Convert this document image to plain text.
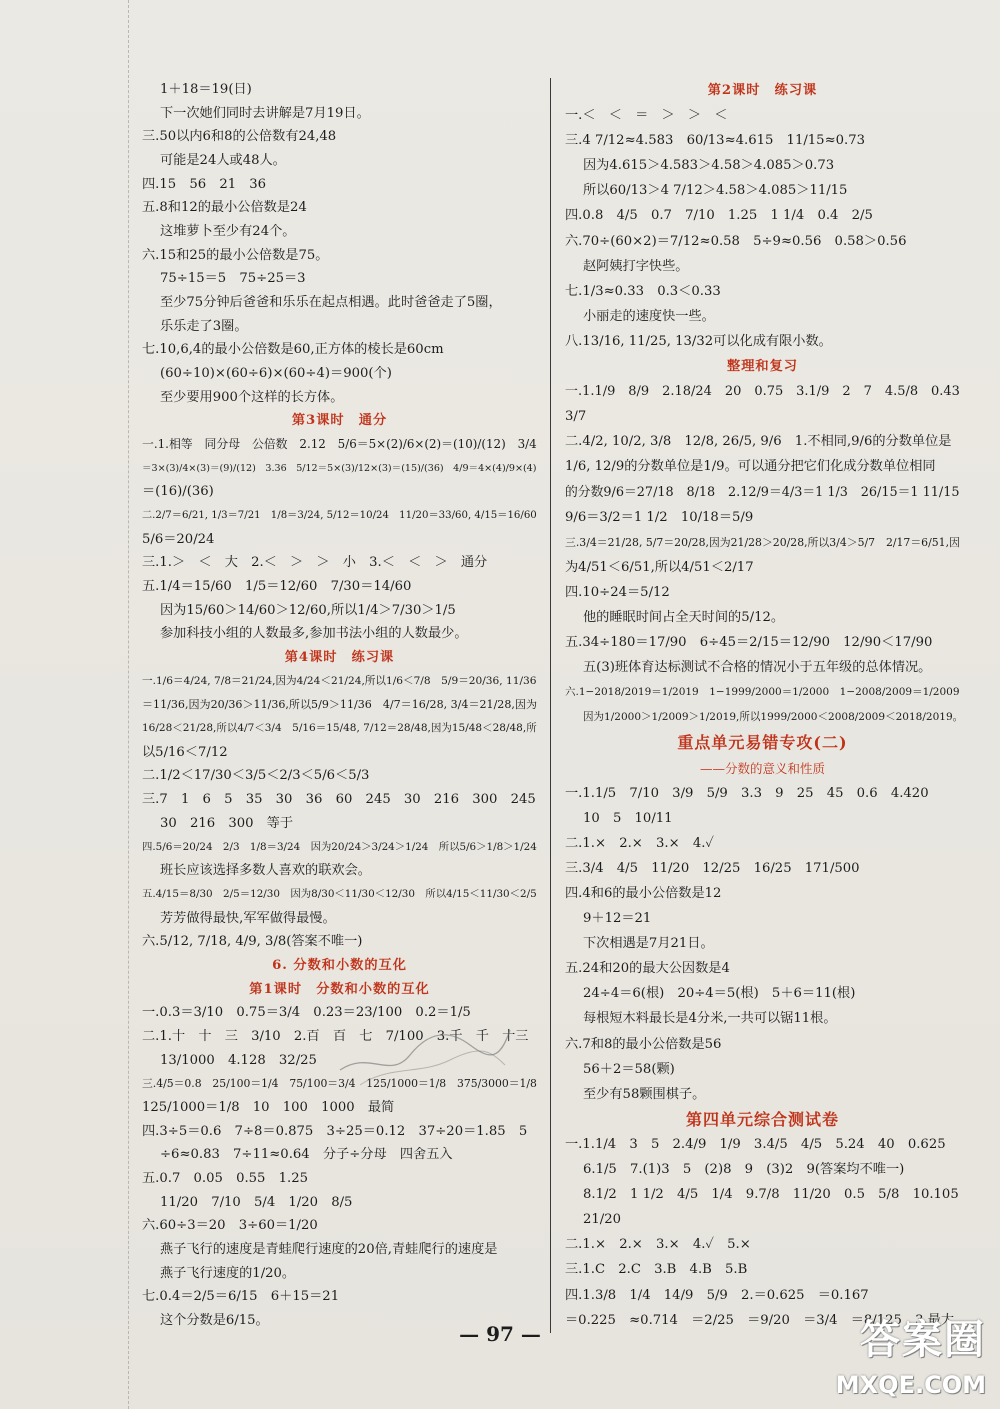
1＋18＝19(日)
下一次她们同时去讲解是7月19日。
三.50以内6和8的公倍数有24,48
可能是24人或48人。
四.15　56　21　36
五.8和12的最小公倍数是24
这堆萝卜至少有24个。
六.15和25的最小公倍数是75。
75÷15＝5　75÷25＝3
至少75分钟后爸爸和乐乐在起点相遇。此时爸爸走了5圈，
乐乐走了3圈。
七.10,6,4的最小公倍数是60,正方体的棱长是60cm
(60÷10)×(60÷6)×(60÷4)＝900(个)
至少要用900个这样的长方体。
第3课时　通分
一.1.相等　同分母　公倍数　2.12　5/6＝5×(2)/6×(2)＝(10)/(12)　3/4
＝3×(3)/4×(3)＝(9)/(12)　3.36　5/12＝5×(3)/12×(3)＝(15)/(36)　4/9＝4×(4)/9×(4)
＝(16)/(36)
二.2/7＝6/21, 1/3＝7/21　1/8＝3/24, 5/12＝10/24　11/20＝33/60, 4/15＝16/60
5/6＝20/24
三.1.＞　＜　大　2.＜　＞　＞　小　3.＜　＜　＞　通分
五.1/4＝15/60　1/5＝12/60　7/30＝14/60
因为15/60＞14/60＞12/60,所以1/4＞7/30＞1/5
参加科技小组的人数最多,参加书法小组的人数最少。
第4课时　练习课
一.1/6＝4/24, 7/8＝21/24,因为4/24＜21/24,所以1/6＜7/8　5/9＝20/36, 11/36
＝11/36,因为20/36＞11/36,所以5/9＞11/36　4/7＝16/28, 3/4＝21/28,因为
16/28＜21/28,所以4/7＜3/4　5/16＝15/48, 7/12＝28/48,因为15/48＜28/48,所
以5/16＜7/12
二.1/2＜17/30＜3/5＜2/3＜5/6＜5/3
三.7　1　6　5　35　30　36　60　245　30　216　300　245
30　216　300　等于
四.5/6＝20/24　2/3　1/8＝3/24　因为20/24＞3/24＞1/24　所以5/6＞1/8＞1/24
班长应该选择多数人喜欢的联欢会。
五.4/15＝8/30　2/5＝12/30　因为8/30＜11/30＜12/30　所以4/15＜11/30＜2/5
芳芳做得最快,军军做得最慢。
六.5/12, 7/18, 4/9, 3/8(答案不唯一)
6. 分数和小数的互化
第1课时　分数和小数的互化
一.0.3＝3/10　0.75＝3/4　0.23＝23/100　0.2＝1/5
二.1.十　十　三　3/10　2.百　百　七　7/100　3.千　千　十三
13/1000　4.128　32/25
三.4/5＝0.8　25/100＝1/4　75/100＝3/4　125/1000＝1/8　375/3000＝1/8
125/1000＝1/8　10　100　1000　最简
四.3÷5＝0.6　7÷8＝0.875　3÷25＝0.12　37÷20＝1.85　5
÷6≈0.83　7÷11≈0.64　分子÷分母　四舍五入
五.0.7　0.05　0.55　1.25
11/20　7/10　5/4　1/20　8/5
六.60÷3＝20　3÷60＝1/20
燕子飞行的速度是青蛙爬行速度的20倍,青蛙爬行的速度是
燕子飞行速度的1/20。
七.0.4＝2/5＝6/15　6＋15＝21
这个分数是6/15。
第2课时　练习课
一.＜　＜　＝　＞　＞　＜
三.4 7/12≈4.583　60/13≈4.615　11/15≈0.73
因为4.615＞4.583＞4.58＞4.085＞0.73
所以60/13＞4 7/12＞4.58＞4.085＞11/15
四.0.8　4/5　0.7　7/10　1.25　1 1/4　0.4　2/5
六.70÷(60×2)＝7/12≈0.58　5÷9≈0.56　0.58＞0.56
赵阿姨打字快些。
七.1/3≈0.33　0.3＜0.33
小丽走的速度快一些。
八.13/16, 11/25, 13/32可以化成有限小数。
整理和复习
一.1.1/9　8/9　2.18/24　20　0.75　3.1/9　2　7　4.5/8　0.43
3/7
二.4/2, 10/2, 3/8　12/8, 26/5, 9/6　1.不相同,9/6的分数单位是
1/6, 12/9的分数单位是1/9。可以通分把它们化成分数单位相同
的分数9/6＝27/18　8/18　2.12/9＝4/3＝1 1/3　26/15＝1 11/15
9/6＝3/2＝1 1/2　10/18＝5/9
三.3/4＝21/28, 5/7＝20/28,因为21/28＞20/28,所以3/4＞5/7　2/17＝6/51,因
为4/51＜6/51,所以4/51＜2/17
四.10÷24＝5/12
他的睡眠时间占全天时间的5/12。
五.34÷180＝17/90　6÷45＝2/15＝12/90　12/90＜17/90
五(3)班体育达标测试不合格的情况小于五年级的总体情况。
六.1−2018/2019＝1/2019　1−1999/2000＝1/2000　1−2008/2009＝1/2009
因为1/2000＞1/2009＞1/2019,所以1999/2000＜2008/2009＜2018/2019。
重点单元易错专攻(二)
——分数的意义和性质
一.1.1/5　7/10　3/9　5/9　3.3　9　25　45　0.6　4.420
10　5　10/11
二.1.×　2.×　3.×　4.✓
三.3/4　4/5　11/20　12/25　16/25　171/500
四.4和6的最小公倍数是12
9＋12＝21
下次相遇是7月21日。
五.24和20的最大公因数是4
24÷4＝6(根)　20÷4＝5(根)　5＋6＝11(根)
每根短木料最长是4分米,一共可以锯11根。
六.7和8的最小公倍数是56
56＋2＝58(颗)
至少有58颗围棋子。
第四单元综合测试卷
一.1.1/4　3　5　2.4/9　1/9　3.4/5　4/5　5.24　40　0.625
6.1/5　7.(1)3　5　(2)8　9　(3)2　9(答案均不唯一)
8.1/2　1 1/2　4/5　1/4　9.7/8　11/20　0.5　5/8　10.105
21/20
二.1.×　2.×　3.×　4.✓　5.×
三.1.C　2.C　3.B　4.B　5.B
四.1.3/8　1/4　14/9　5/9　2.＝0.625　＝0.167
＝0.225　≈0.714　＝2/25　＝9/20　＝3/4　＝8/125　3.最大
— 97 —	答案圈
MXQE.COM
